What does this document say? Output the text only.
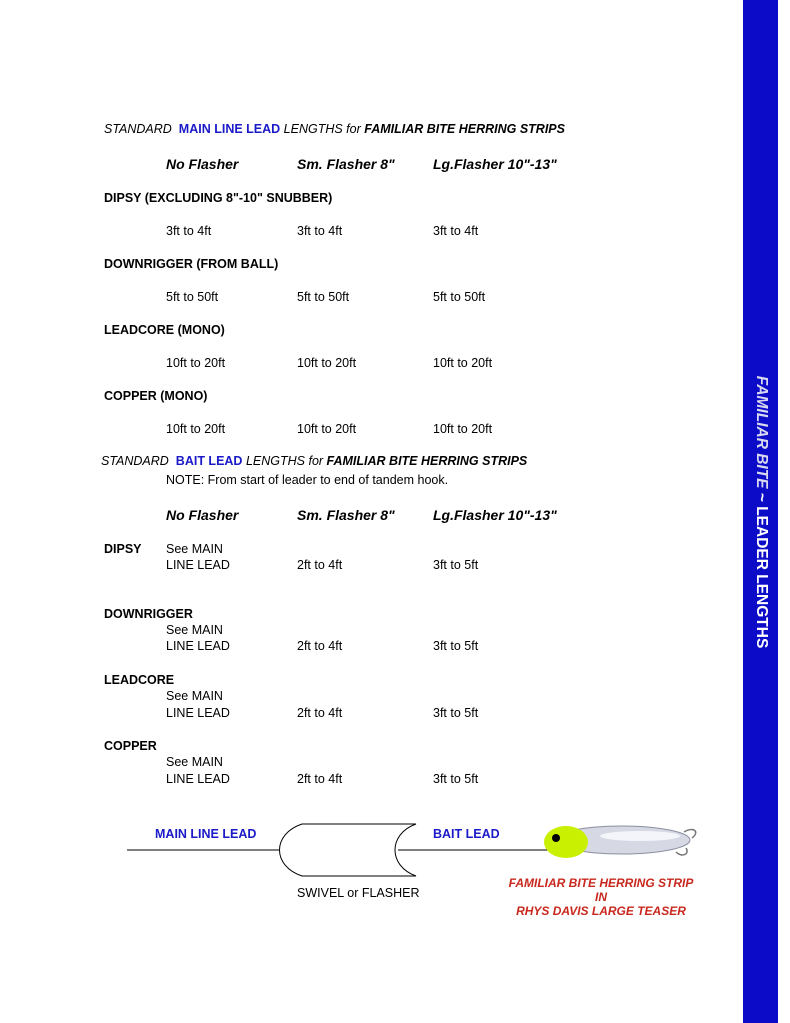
FAMILIAR BITE ~ LEADER LENGTHS
STANDARD MAIN LINE LEAD LENGTHS for FAMILIAR BITE HERRING STRIPS
No Flasher	Sm. Flasher 8"	Lg.Flasher 10"-13"
DIPSY (EXCLUDING 8"-10" SNUBBER)
3ft to 4ft	3ft to 4ft	3ft to 4ft
DOWNRIGGER (FROM BALL)
5ft to 50ft	5ft to 50ft	5ft to 50ft
LEADCORE (MONO)
10ft to 20ft	10ft to 20ft	10ft to 20ft
COPPER (MONO)
10ft to 20ft	10ft to 20ft	10ft to 20ft
STANDARD BAIT LEAD LENGTHS for FAMILIAR BITE HERRING STRIPS
NOTE: From start of leader to end of tandem hook.
No Flasher	Sm. Flasher 8"	Lg.Flasher 10"-13"
DIPSY See MAIN
LINE LEAD	2ft to 4ft	3ft to 5ft
DOWNRIGGER
See MAIN
LINE LEAD	2ft to 4ft	3ft to 5ft
LEADCORE
See MAIN
LINE LEAD	2ft to 4ft	3ft to 5ft
COPPER
See MAIN
LINE LEAD	2ft to 4ft	3ft to 5ft
MAIN LINE LEAD	BAIT LEAD
SWIVEL or FLASHER
FAMILIAR BITE HERRING STRIP
IN
RHYS DAVIS LARGE TEASER
